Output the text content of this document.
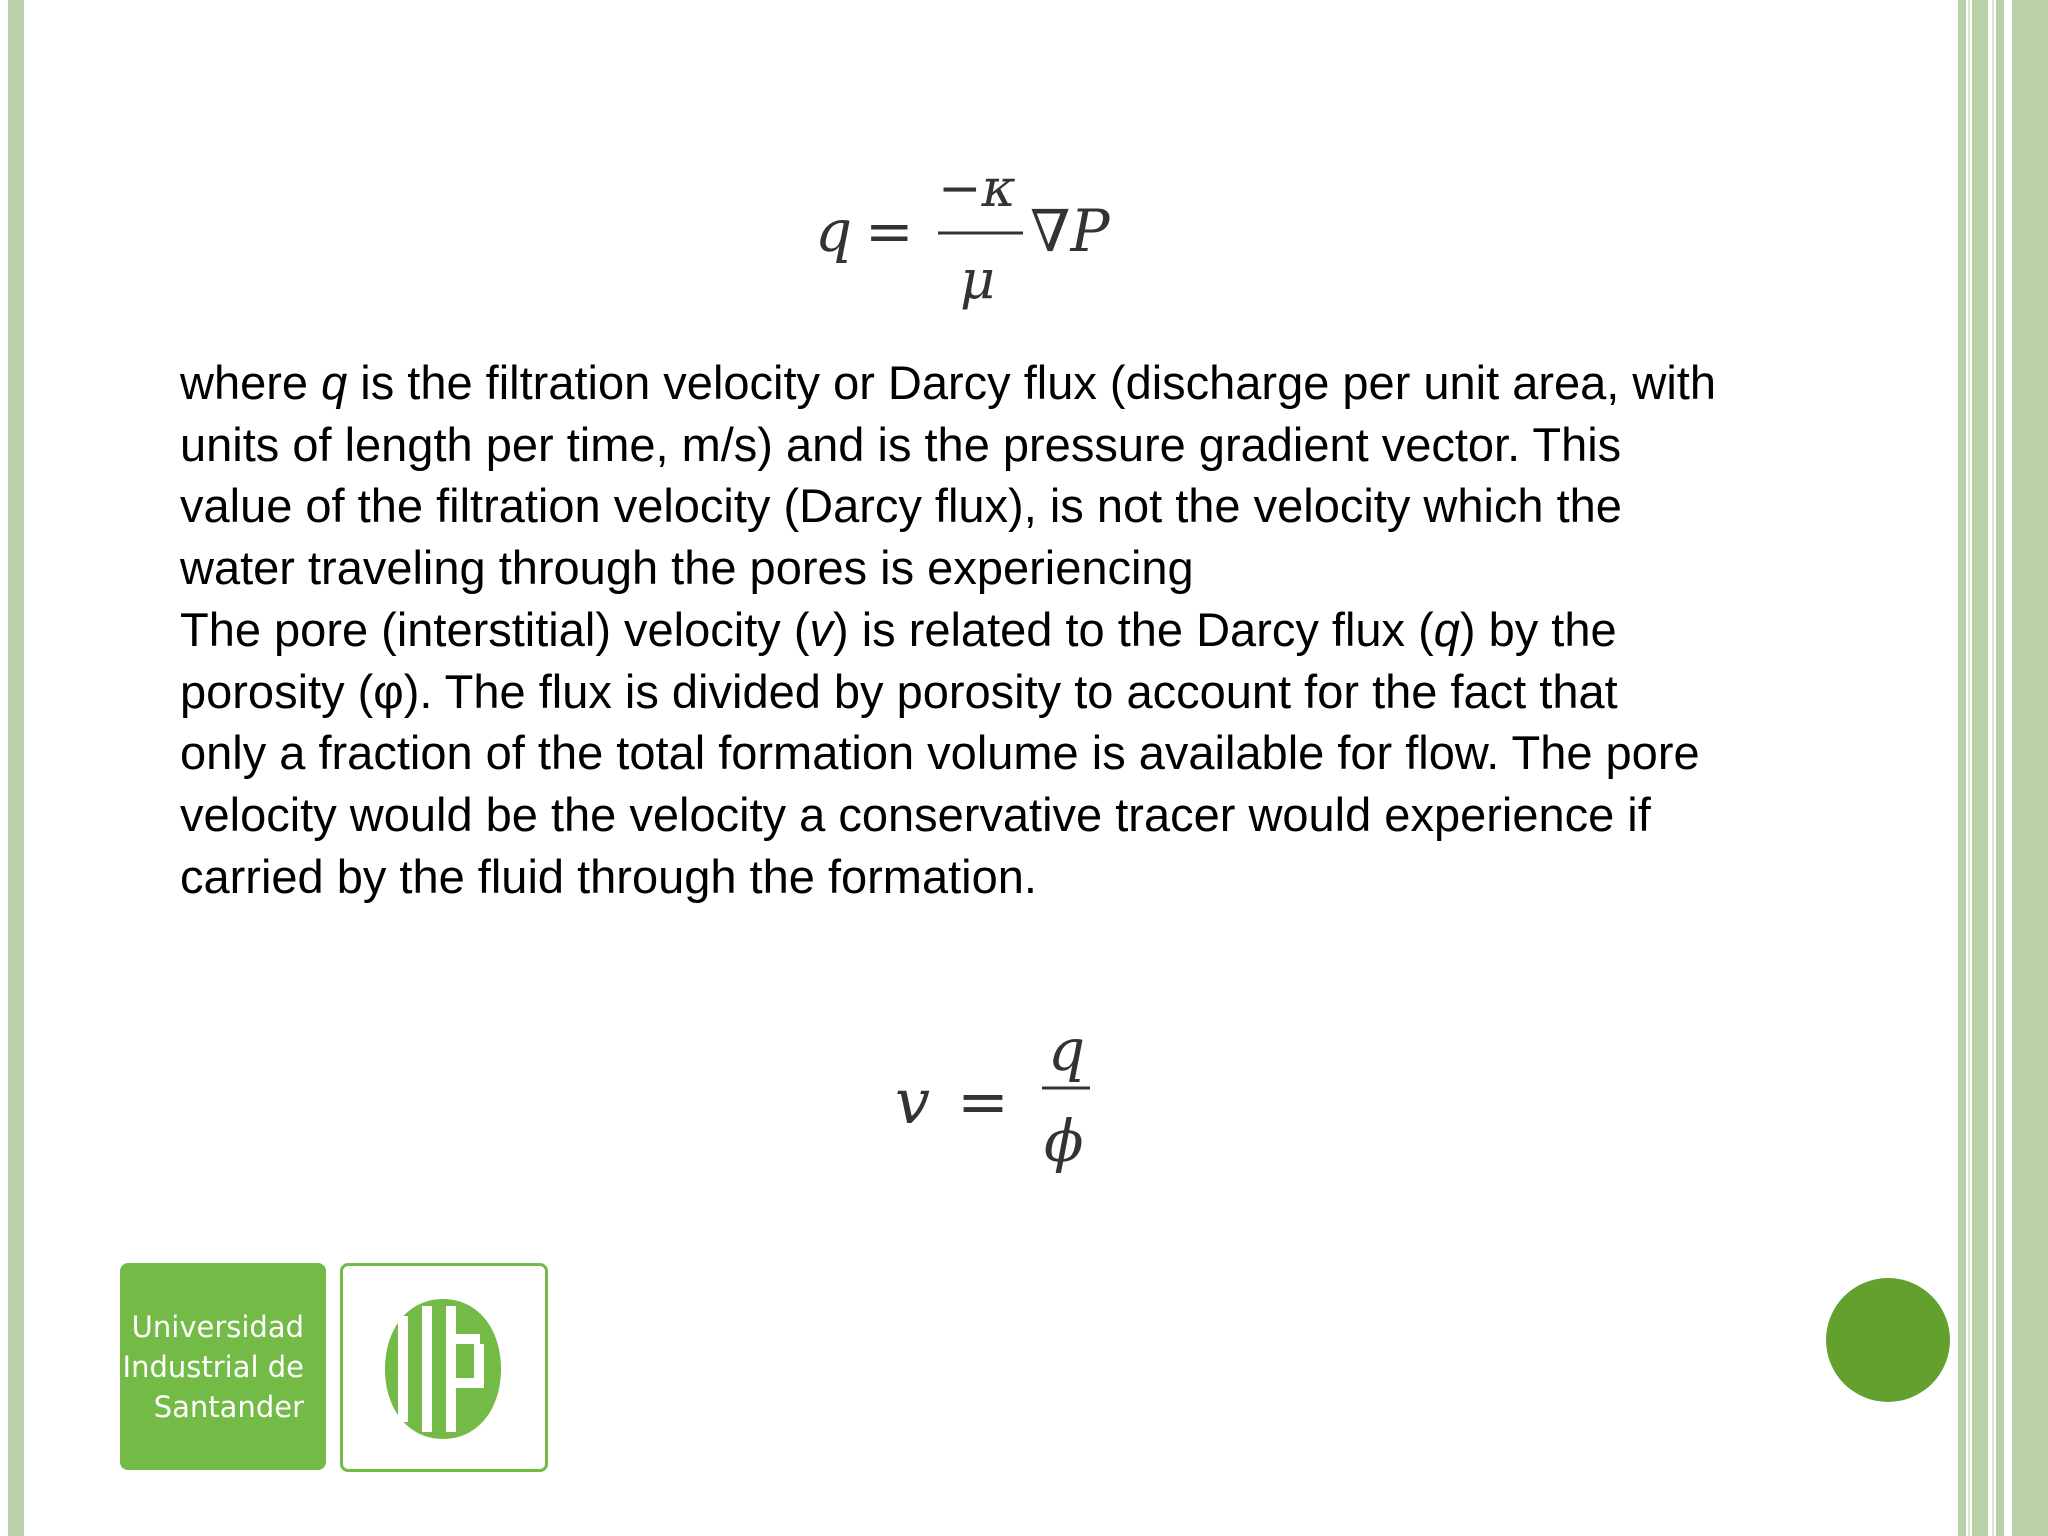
q =
−κ
μ
∇P

where q is the filtration velocity or Darcy flux (discharge per unit area, with

units of length per time, m/s) and is the pressure gradient vector. This

value of the filtration velocity (Darcy flux), is not the velocity which the

water traveling through the pores is experiencing

The pore (interstitial) velocity (v) is related to the Darcy flux (q) by the

porosity (φ). The flux is divided by porosity to account for the fact that

only a fraction of the total formation volume is available for flow. The pore

velocity would be the velocity a conservative tracer would experience if

carried by the fluid through the formation.

v =
q
ϕ
Universidad
Industrial de
Santander
